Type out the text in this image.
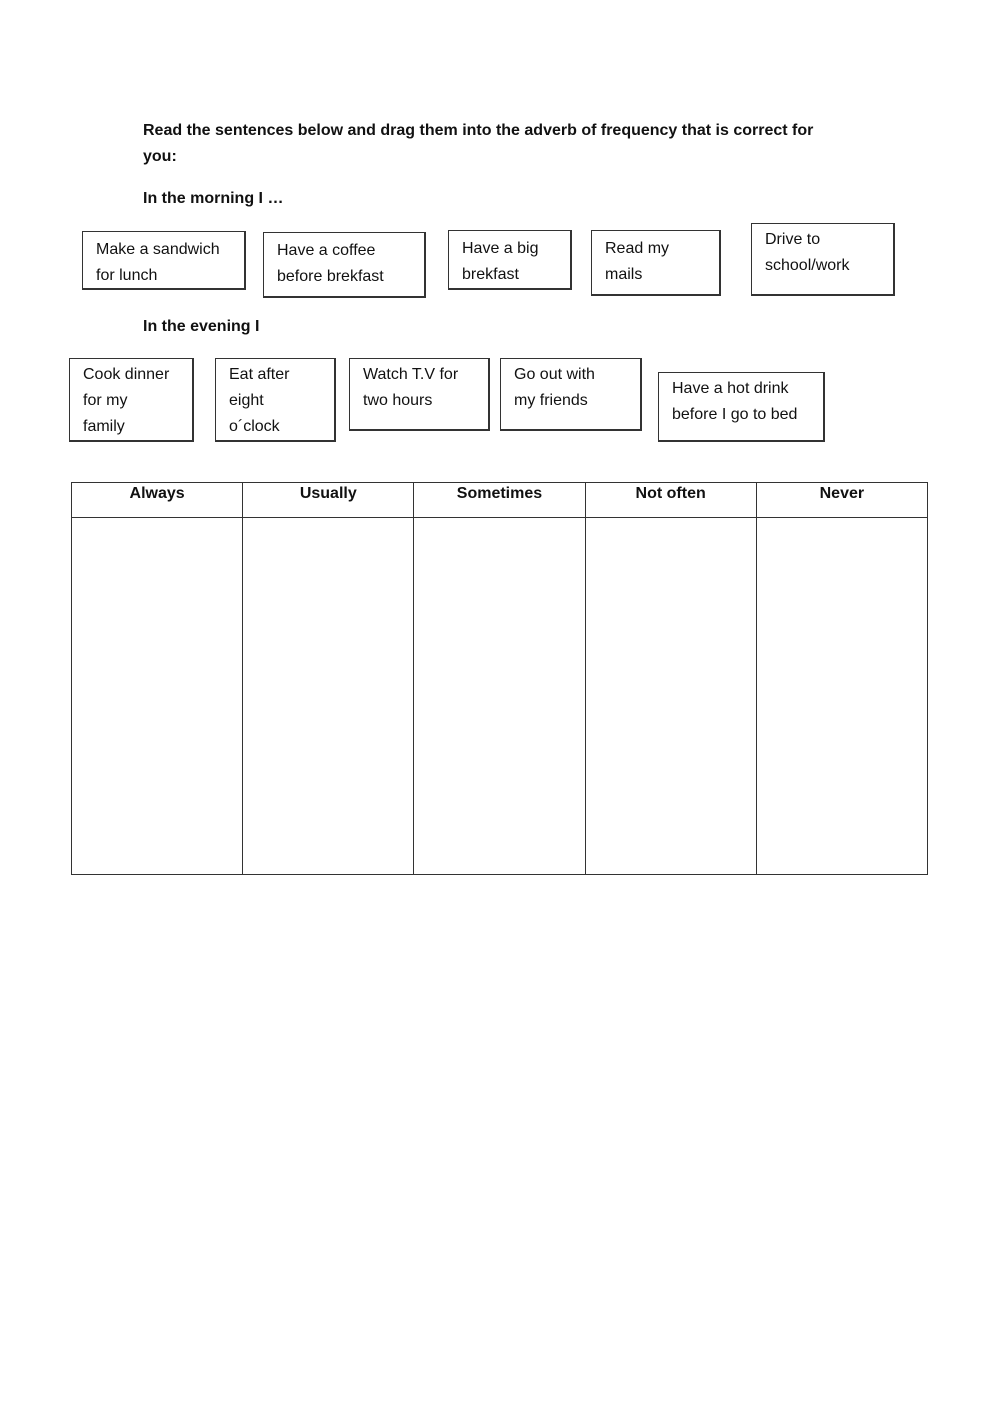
Read the sentences below and drag them into the adverb of frequency that is correct for you:

In the morning I …

Make a sandwich
for lunch
Have a coffee
before brekfast
Have a big
brekfast
Read my
mails
Drive to
school/work

In the evening I

Cook dinner
for my
family
Eat after
eight
o´clock
Watch T.V for
two hours
Go out with
my friends
Have a hot drink
before I go to bed
Always	Usually	Sometimes	Not often	Never
